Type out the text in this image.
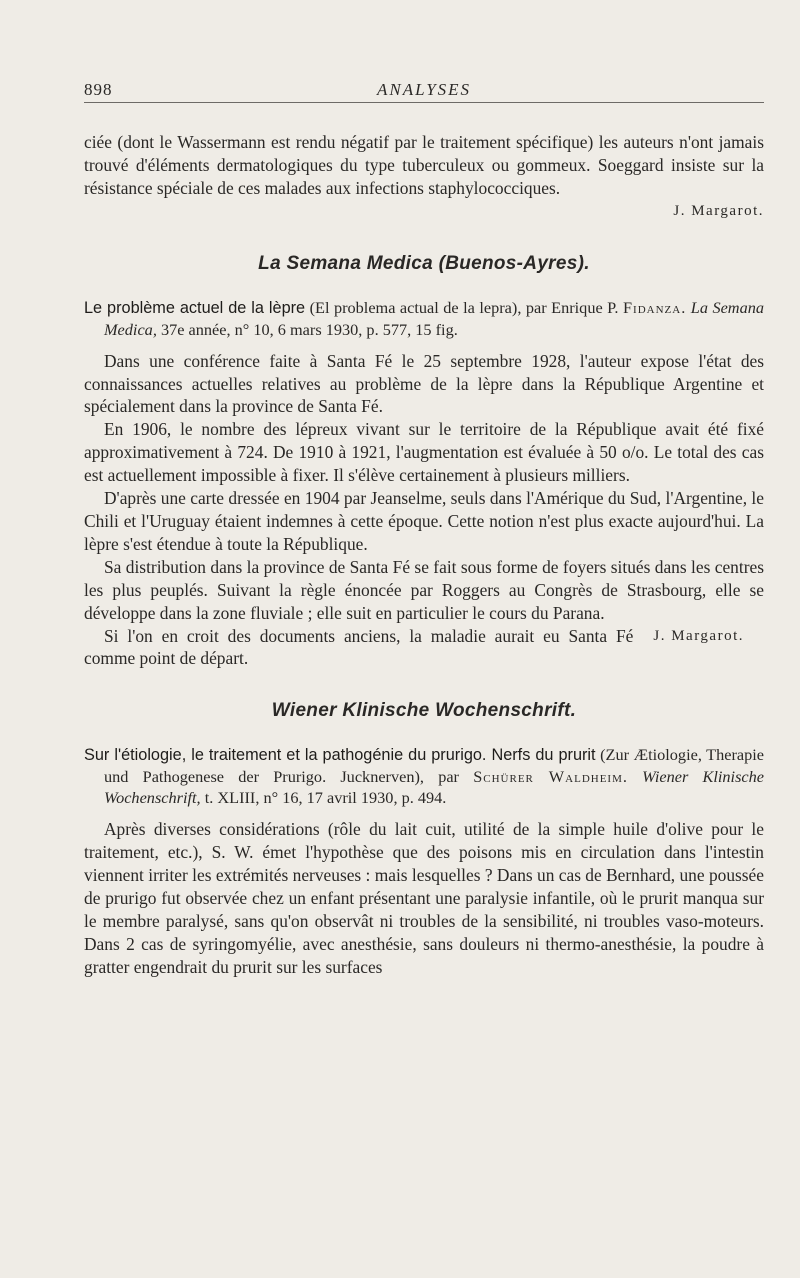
898	ANALYSES

ciée (dont le Wassermann est rendu négatif par le traitement spécifique) les auteurs n'ont jamais trouvé d'éléments dermatologiques du type tuberculeux ou gommeux. Soeggard insiste sur la résistance spéciale de ces malades aux infections staphylococciques.

J. Margarot.

La Semana Medica (Buenos-Ayres).

Le problème actuel de la lèpre (El problema actual de la lepra), par Enrique P. Fidanza. La Semana Medica, 37e année, n° 10, 6 mars 1930, p. 577, 15 fig.

Dans une conférence faite à Santa Fé le 25 septembre 1928, l'auteur expose l'état des connaissances actuelles relatives au problème de la lèpre dans la République Argentine et spécialement dans la province de Santa Fé.

En 1906, le nombre des lépreux vivant sur le territoire de la République avait été fixé approximativement à 724. De 1910 à 1921, l'augmentation est évaluée à 50 o/o. Le total des cas est actuellement impossible à fixer. Il s'élève certainement à plusieurs milliers.

D'après une carte dressée en 1904 par Jeanselme, seuls dans l'Amérique du Sud, l'Argentine, le Chili et l'Uruguay étaient indemnes à cette époque. Cette notion n'est plus exacte aujourd'hui. La lèpre s'est étendue à toute la République.

Sa distribution dans la province de Santa Fé se fait sous forme de foyers situés dans les centres les plus peuplés. Suivant la règle énoncée par Roggers au Congrès de Strasbourg, elle se développe dans la zone fluviale ; elle suit en particulier le cours du Parana.

J. Margarot.
Si l'on en croit des documents anciens, la maladie aurait eu Santa Fé comme point de départ.

Wiener Klinische Wochenschrift.

Sur l'étiologie, le traitement et la pathogénie du prurigo. Nerfs du prurit (Zur Ætiologie, Therapie und Pathogenese der Prurigo. Jucknerven), par Schürer Waldheim. Wiener Klinische Wochenschrift, t. XLIII, n° 16, 17 avril 1930, p. 494.

Après diverses considérations (rôle du lait cuit, utilité de la simple huile d'olive pour le traitement, etc.), S. W. émet l'hypothèse que des poisons mis en circulation dans l'intestin viennent irriter les extrémités nerveuses : mais lesquelles ? Dans un cas de Bernhard, une poussée de prurigo fut observée chez un enfant présentant une paralysie infantile, où le prurit manqua sur le membre paralysé, sans qu'on observât ni troubles de la sensibilité, ni troubles vaso-moteurs. Dans 2 cas de syringomyélie, avec anesthésie, sans douleurs ni thermo-anesthésie, la poudre à gratter engendrait du prurit sur les surfaces
